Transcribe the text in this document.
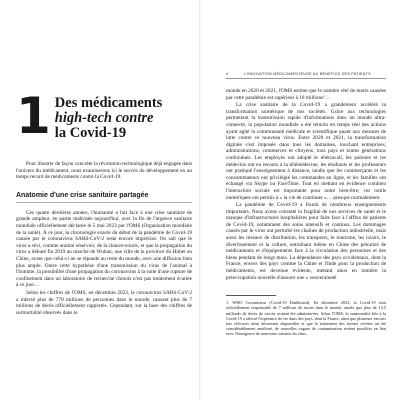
1 Des médicaments
high-tech contre
la Covid-19

Pour illustrer de façon concrète la révolution technologique déjà engagée dans l'univers du médicament, nous examinerons ici le succès du développement en un temps record de médicaments contre la Covid-19.

Anatomie d'une crise sanitaire partagée

Ces quatre dernières années, l'humanité a fait face à une crise sanitaire de grande ampleur, en partie maîtrisée aujourd'hui, avec la fin de l'urgence sanitaire mondiale officiellement déclarée le 5 mai 2023 par l'OMS (Organisation mondiale de la santé). À ce jour, la chronologie exacte du début de la pandémie de Covid-19 causée par le coronavirus SARS-CoV-2 reste encore imprécise. On sait que le virus a sévi, comme animal réservoir, de la chauve-souris, et que la propagation du virus a débuté fin 2019 au marché de Wuhan, une ville de la province du Hubei en Chine, avant que celui-ci ne se répande au reste du monde, avec une diffusion bien plus ample. Outre cette hypothèse d'une transmission du virus de l'animal à l'homme, la possibilité d'une propagation du coronavirus à la suite d'une rupture de confinement dans un laboratoire de recherche chinois n'est pas totalement écartée à ce jour…

Selon les chiffres de l'OMS, en décembre 2023, le coronavirus SARS-CoV-2 a infecté plus de 770 millions de personnes dans le monde, causant plus de 7 millions de décès officiellement rapportés. Cependant, sur la base des chiffres de surmortalité observés dans le

4	L'INNOVATION MÉDICAMENTEUSE AU BÉNÉFICE DES PATIENTS

monde en 2020 et 2021, l'OMS estime que le nombre réel de morts causées par cette pandémie est supérieur à 18 millions¹…

La crise sanitaire de la Covid-19 a grandement accéléré la transformation numérique de nos sociétés. Grâce aux technologies permettant la transmission rapide d'informations dans un monde ultra-connecté, la population mondiale a été témoin en temps réel des actions ayant agité la communauté médicale et scientifique quant aux mesures de lutte contre ce nouveau virus. Entre 2020 et 2021, la transformation digitale s'est imposée dans tous les domaines, touchant entreprises, administrations, commerces et citoyens, tous pays et toutes générations confondues. Les employés ont adopté le télétravail, les patients et les médecins ont eu recours à la télémédecine, les étudiants et les professeurs ont pratiqué l'enseignement à distance, tandis que les commerçants et les consommateurs ont privilégié les commandes en ligne, et les familles ont échangé via Skype ou FaceTime. Tout en mettant en évidence combien l'interaction sociale est importante pour notre bien-être, ces outils numériques ont permis à « la vie de continuer »… presque normalement.

La pandémie de Covid-19 a fourni de nombreux enseignements importants. Nous avons constaté la fragilité de nos services de santé et le manque d'infrastructures hospitalières pour faire face à l'afflux de patients de Covid-19, notamment des soins intensifs et continus. Les dommages causés par le virus ont perturbé les chaînes de production industrielle, mais aussi les réseaux de distribution, les transports, le tourisme, les loisirs, le divertissement et la culture, entraînant même en Chine des pénuries de médicaments et d'équipements face à la circulation des personnes et des biens pendant de longs mois. La dépendance des pays occidentaux, dont la France, envers des pays comme la Chine et l'Inde pour la production de médicaments, est devenue évidente, mettant ainsi en lumière la préoccupation nouvelle d'assurer une « souveraineté

1. WHO Coronavirus (Covid-19 Dashboard). En décembre 2023, la Covid-19 était officiellement responsable de 7 millions de morts dans le monde, tandis que plus de 13,5 milliards de doses de vaccin avaient été administrées. Selon l'OMS, la surmortalité liée à la Covid-19 a affecté l'espérance de vie dans des pays, dont la France, ainsi que plusieurs vaccins très efficaces aient désormais disponibles et que le traitement des formes sévères ait été considérablement amélioré, de nouvelles vagues de contamination restent possibles en lien avec l'émergence de nouveaux variants du virus.
